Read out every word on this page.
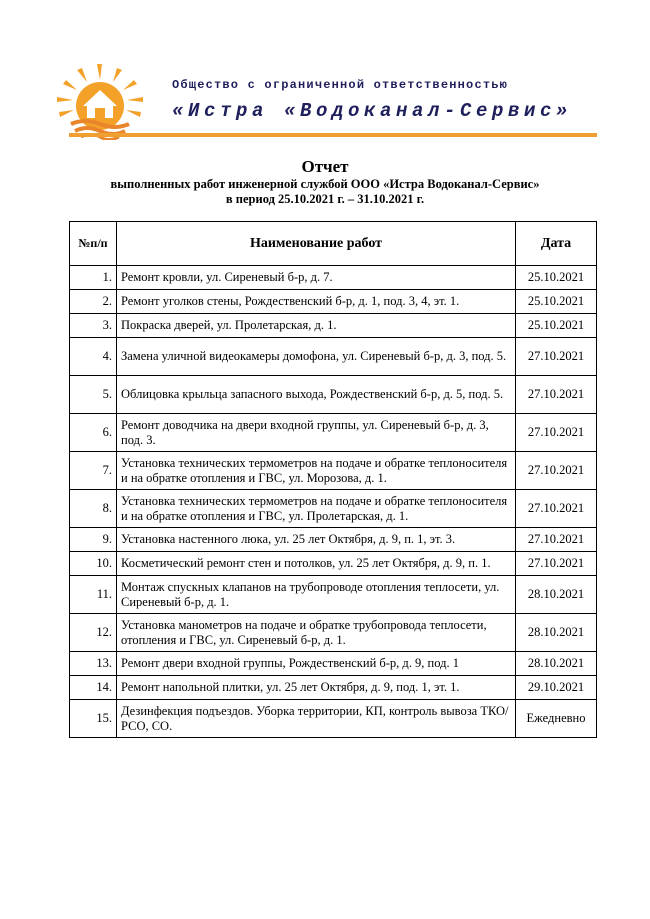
Общество с ограниченной ответственностью
«Истра «Водоканал-Сервис»
Отчет
выполненных работ инженерной службой ООО «Истра Водоканал-Сервис»
в период 25.10.2021 г. – 31.10.2021 г.
№п/п	Наименование работ	Дата
1.	Ремонт кровли, ул. Сиреневый б-р, д. 7.	25.10.2021
2.	Ремонт уголков стены, Рождественский б-р, д. 1, под. 3, 4, эт. 1.	25.10.2021
3.	Покраска дверей, ул. Пролетарская, д. 1.	25.10.2021
4.	Замена уличной видеокамеры домофона, ул. Сиреневый б-р, д. 3, под. 5.	27.10.2021
5.	Облицовка крыльца запасного выхода, Рождественский б-р, д. 5, под. 5.	27.10.2021
6.	Ремонт доводчика на двери входной группы, ул. Сиреневый б-р, д. 3, под. 3.	27.10.2021
7.	Установка технических термометров на подаче и обратке теплоносителя и на обратке отопления и ГВС, ул. Морозова, д. 1.	27.10.2021
8.	Установка технических термометров на подаче и обратке теплоносителя и на обратке отопления и ГВС, ул. Пролетарская, д. 1.	27.10.2021
9.	Установка настенного люка, ул. 25 лет Октября, д. 9, п. 1, эт. 3.	27.10.2021
10.	Косметический ремонт стен и потолков, ул. 25 лет Октября, д. 9, п. 1.	27.10.2021
11.	Монтаж спускных клапанов на трубопроводе отопления теплосети, ул. Сиреневый б-р, д. 1.	28.10.2021
12.	Установка манометров на подаче и обратке трубопровода теплосети, отопления и ГВС, ул. Сиреневый б-р, д. 1.	28.10.2021
13.	Ремонт двери входной группы, Рождественский б-р, д. 9, под. 1	28.10.2021
14.	Ремонт напольной плитки, ул. 25 лет Октября, д. 9, под. 1, эт. 1.	29.10.2021
15.	Дезинфекция подъездов. Уборка территории, КП, контроль вывоза ТКО/РСО, СО.	Ежедневно
